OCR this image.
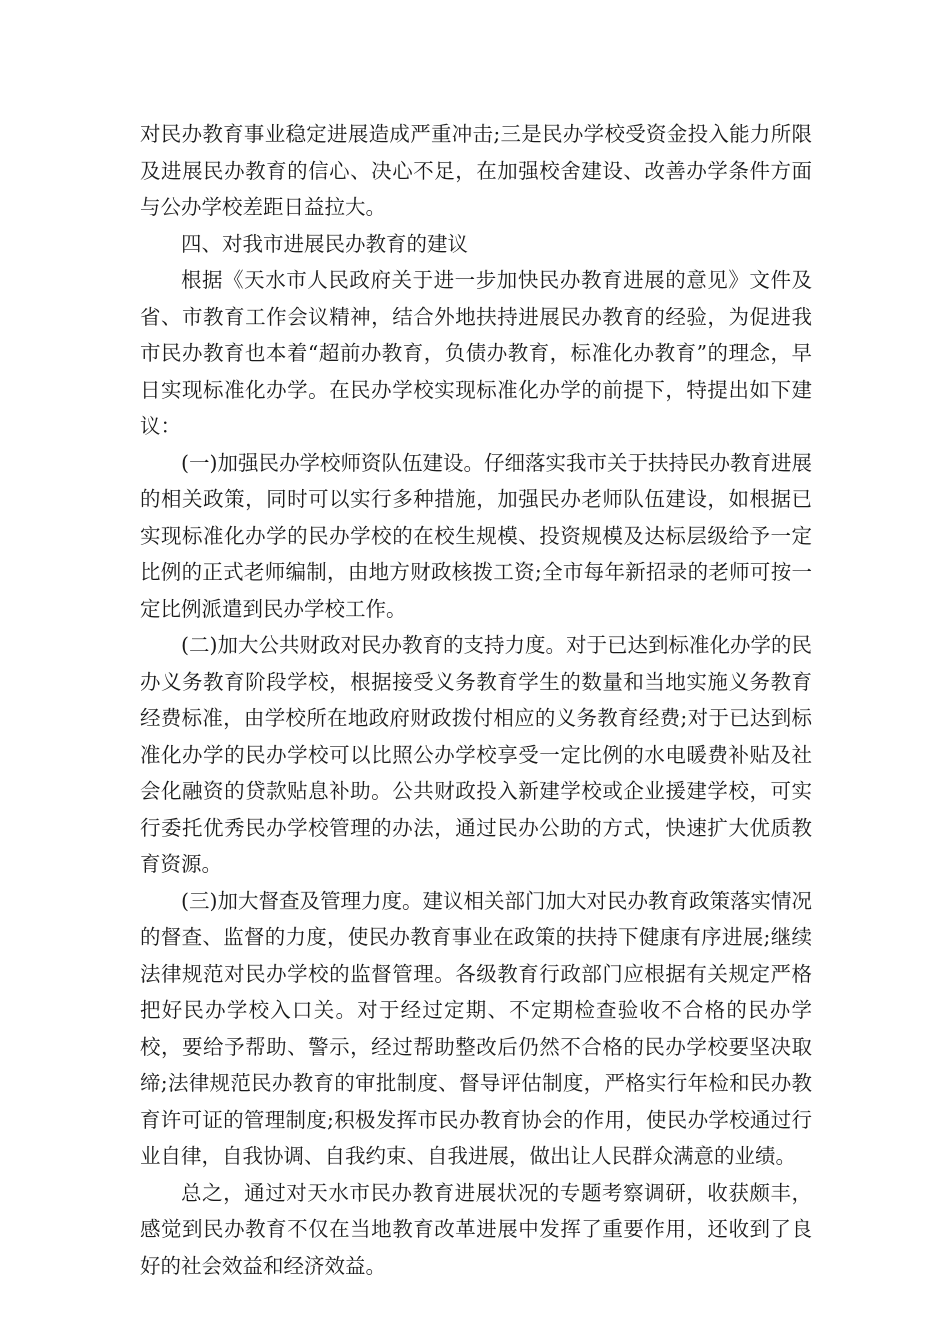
对民办教育事业稳定进展造成严重冲击;三是民办学校受资金投入能力所限及进展民办教育的信心、决心不足，在加强校舍建设、改善办学条件方面与公办学校差距日益拉大。

四、对我市进展民办教育的建议

根据《天水市人民政府关于进一步加快民办教育进展的意见》文件及省、市教育工作会议精神，结合外地扶持进展民办教育的经验，为促进我市民办教育也本着“超前办教育，负债办教育，标准化办教育”的理念，早日实现标准化办学。在民办学校实现标准化办学的前提下，特提出如下建议：

(一)加强民办学校师资队伍建设。仔细落实我市关于扶持民办教育进展的相关政策，同时可以实行多种措施，加强民办老师队伍建设，如根据已实现标准化办学的民办学校的在校生规模、投资规模及达标层级给予一定比例的正式老师编制，由地方财政核拨工资;全市每年新招录的老师可按一定比例派遣到民办学校工作。

(二)加大公共财政对民办教育的支持力度。对于已达到标准化办学的民办义务教育阶段学校，根据接受义务教育学生的数量和当地实施义务教育经费标准，由学校所在地政府财政拨付相应的义务教育经费;对于已达到标准化办学的民办学校可以比照公办学校享受一定比例的水电暖费补贴及社会化融资的贷款贴息补助。公共财政投入新建学校或企业援建学校，可实行委托优秀民办学校管理的办法，通过民办公助的方式，快速扩大优质教育资源。

(三)加大督查及管理力度。建议相关部门加大对民办教育政策落实情况的督查、监督的力度，使民办教育事业在政策的扶持下健康有序进展;继续法律规范对民办学校的监督管理。各级教育行政部门应根据有关规定严格把好民办学校入口关。对于经过定期、不定期检查验收不合格的民办学校，要给予帮助、警示，经过帮助整改后仍然不合格的民办学校要坚决取缔;法律规范民办教育的审批制度、督导评估制度，严格实行年检和民办教育许可证的管理制度;积极发挥市民办教育协会的作用，使民办学校通过行业自律，自我协调、自我约束、自我进展，做出让人民群众满意的业绩。

总之，通过对天水市民办教育进展状况的专题考察调研，收获颇丰，感觉到民办教育不仅在当地教育改革进展中发挥了重要作用，还收到了良好的社会效益和经济效益。
